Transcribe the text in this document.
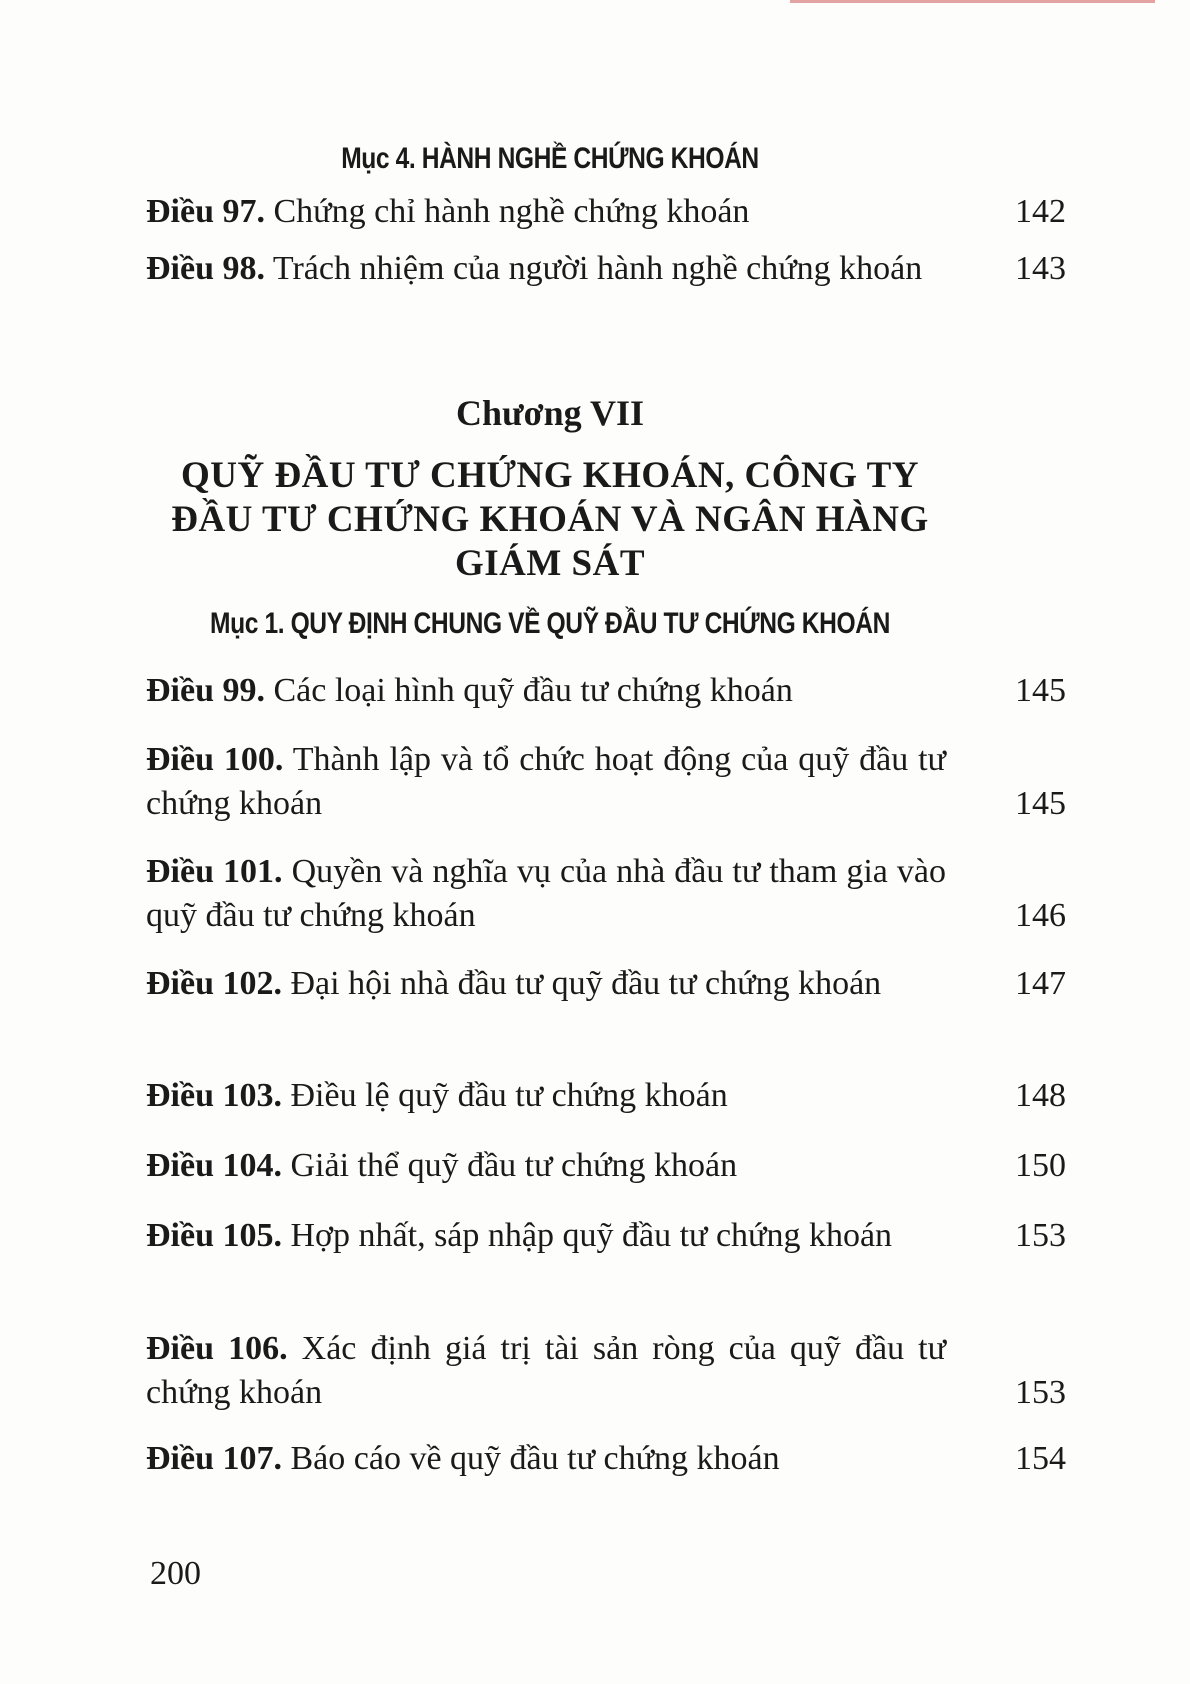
Mục 4. HÀNH NGHỀ CHỨNG KHOÁN
Điều 97. Chứng chỉ hành nghề chứng khoán	142
Điều 98. Trách nhiệm của người hành nghề chứng khoán	143
Chương VII
QUỸ ĐẦU TƯ CHỨNG KHOÁN, CÔNG TY ĐẦU TƯ CHỨNG KHOÁN VÀ NGÂN HÀNG GIÁM SÁT
Mục 1. QUY ĐỊNH CHUNG VỀ QUỸ ĐẦU TƯ CHỨNG KHOÁN
Điều 99. Các loại hình quỹ đầu tư chứng khoán	145
Điều 100. Thành lập và tổ chức hoạt động của quỹ đầu tư chứng khoán	145
Điều 101. Quyền và nghĩa vụ của nhà đầu tư tham gia vào quỹ đầu tư chứng khoán	146
Điều 102. Đại hội nhà đầu tư quỹ đầu tư chứng khoán	147
Điều 103. Điều lệ quỹ đầu tư chứng khoán	148
Điều 104. Giải thể quỹ đầu tư chứng khoán	150
Điều 105. Hợp nhất, sáp nhập quỹ đầu tư chứng khoán	153
Điều 106. Xác định giá trị tài sản ròng của quỹ đầu tư chứng khoán	153
Điều 107. Báo cáo về quỹ đầu tư chứng khoán	154
200
